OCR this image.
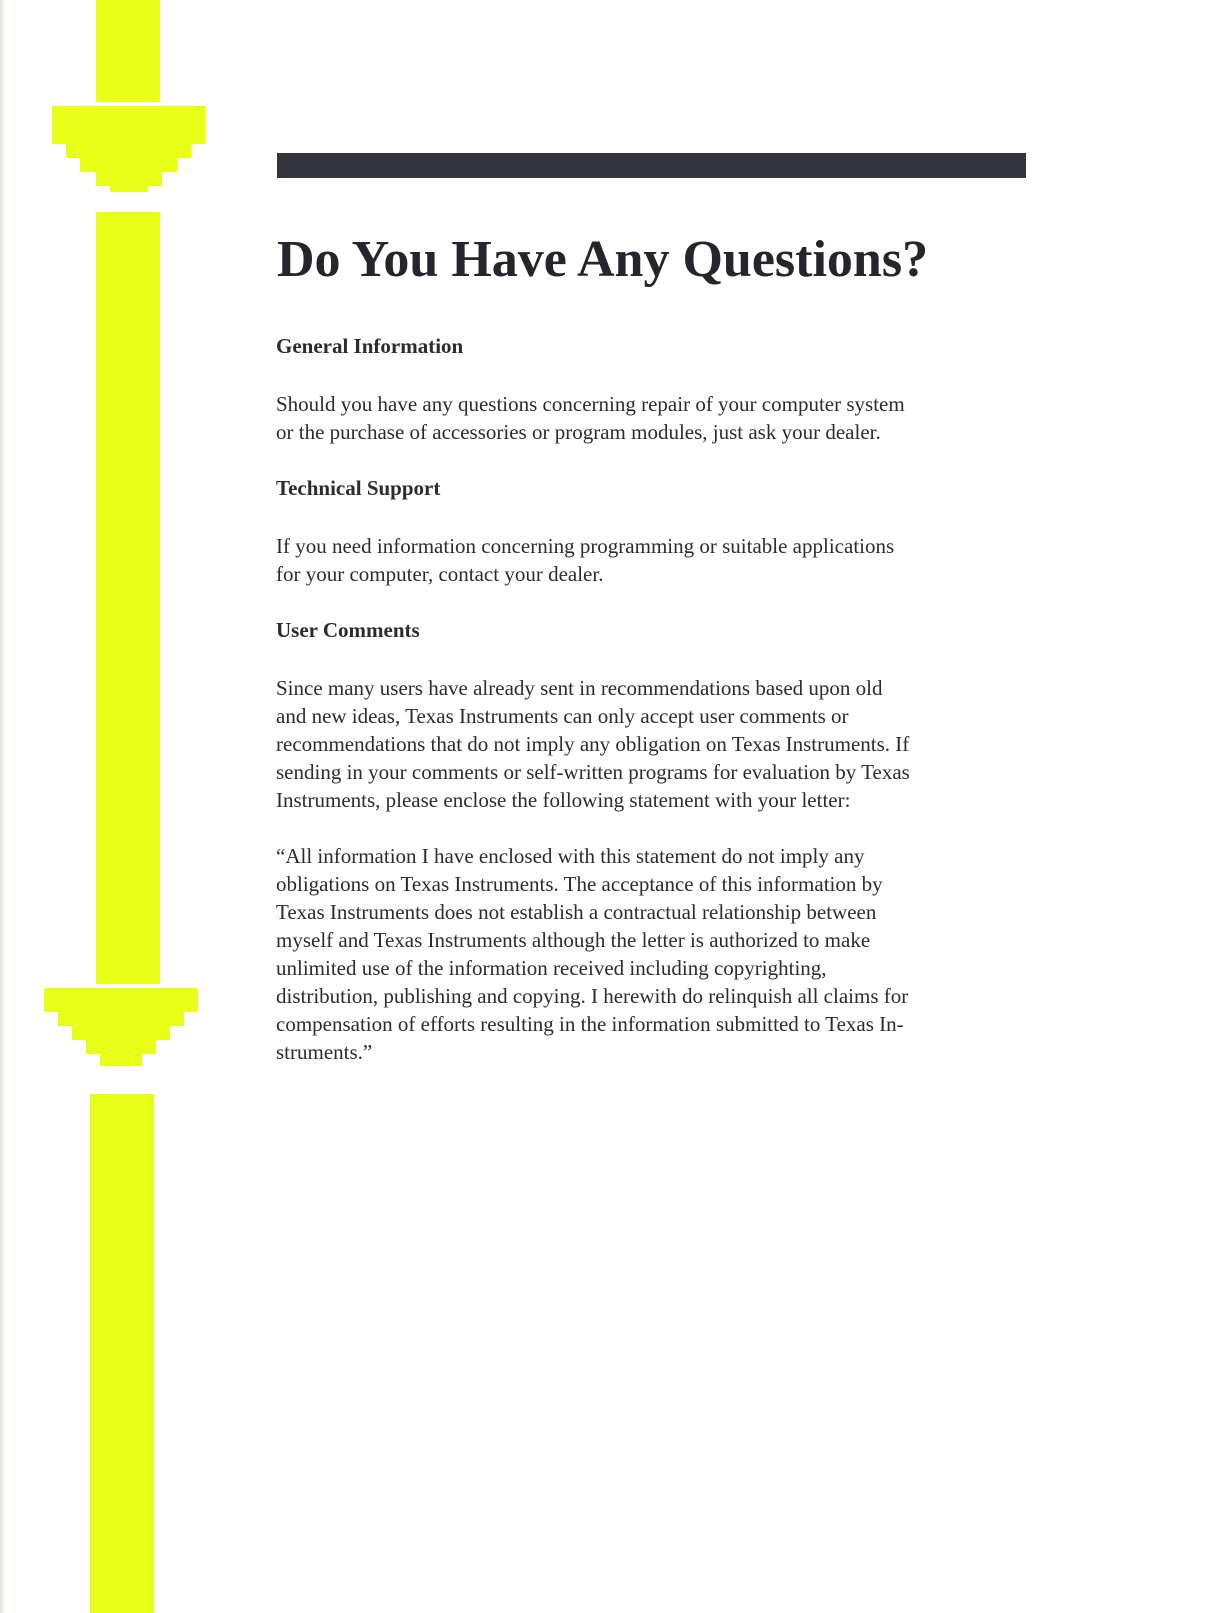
Do You Have Any Questions?
General Information

Should you have any questions concerning repair of your computer system
or the purchase of accessories or program modules, just ask your dealer.

Technical Support

If you need information concerning programming or suitable applications
for your computer, contact your dealer.

User Comments

Since many users have already sent in recommendations based upon old
and new ideas, Texas Instruments can only accept user comments or
recommendations that do not imply any obligation on Texas Instruments. If
sending in your comments or self-written programs for evaluation by Texas
Instruments, please enclose the following statement with your letter:

“All information I have enclosed with this statement do not imply any
obligations on Texas Instruments. The acceptance of this information by
Texas Instruments does not establish a contractual relationship between
myself and Texas Instruments although the letter is authorized to make
unlimited use of the information received including copyrighting,
distribution, publishing and copying. I herewith do relinquish all claims for
compensation of efforts resulting in the information submitted to Texas In-
struments.”
